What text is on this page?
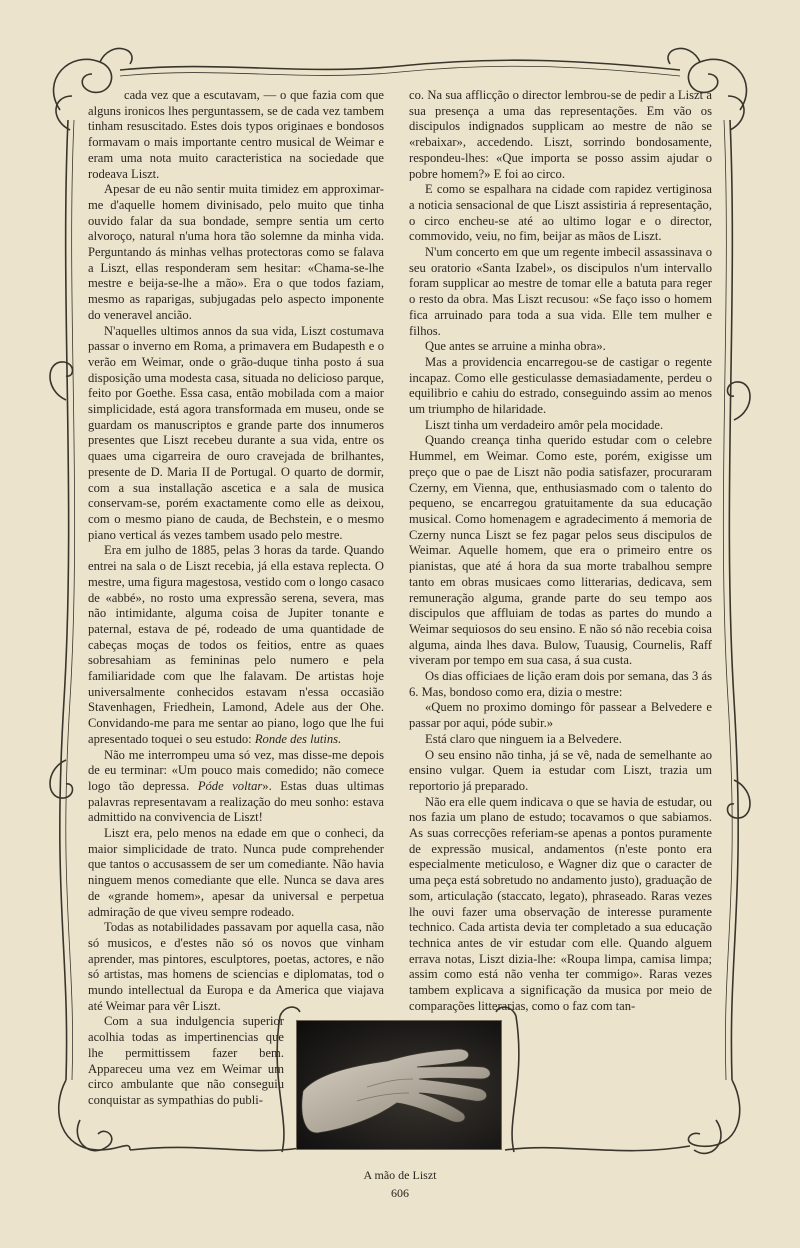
cada vez que a escutavam, — o que fazia com que alguns ironicos lhes perguntassem, se de cada vez tambem tinham resuscitado. Estes dois typos originaes e bondosos formavam o mais importante centro musical de Weimar e eram uma nota muito caracteristica na sociedade que rodeava Liszt.

Apesar de eu não sentir muita timidez em approximar-me d'aquelle homem divinisado, pelo muito que tinha ouvido falar da sua bondade, sempre sentia um certo alvoroço, natural n'uma hora tão solemne da minha vida. Perguntando ás minhas velhas protectoras como se falava a Liszt, ellas responderam sem hesitar: «Chama-se-lhe mestre e beija-se-lhe a mão». Era o que todos faziam, mesmo as raparigas, subjugadas pelo aspecto imponente do veneravel ancião.

N'aquelles ultimos annos da sua vida, Liszt costumava passar o inverno em Roma, a primavera em Budapesth e o verão em Weimar, onde o grão-duque tinha posto á sua disposição uma modesta casa, situada no delicioso parque, feito por Goethe. Essa casa, então mobilada com a maior simplicidade, está agora transformada em museu, onde se guardam os manuscriptos e grande parte dos innumeros presentes que Liszt recebeu durante a sua vida, entre os quaes uma cigarreira de ouro cravejada de brilhantes, presente de D. Maria II de Portugal. O quarto de dormir, com a sua installação ascetica e a sala de musica conservam-se, porém exactamente como elle as deixou, com o mesmo piano de cauda, de Bechstein, e o mesmo piano vertical ás vezes tambem usado pelo mestre.

Era em julho de 1885, pelas 3 horas da tarde. Quando entrei na sala o de Liszt recebia, já ella estava replecta. O mestre, uma figura magestosa, vestido com o longo casaco de «abbé», no rosto uma expressão serena, severa, mas não intimidante, alguma coisa de Jupiter tonante e paternal, estava de pé, rodeado de uma quantidade de cabeças moças de todos os feitios, entre as quaes sobresahiam as femininas pelo numero e pela familiaridade com que lhe falavam. De artistas hoje universalmente conhecidos estavam n'essa occasião Stavenhagen, Friedhein, Lamond, Adele aus der Ohe. Convidando-me para me sentar ao piano, logo que lhe fui apresentado toquei o seu estudo: Ronde des lutins.

Não me interrompeu uma só vez, mas disse-me depois de eu terminar: «Um pouco mais comedido; não comece logo tão depressa. Póde voltar». Estas duas ultimas palavras representavam a realização do meu sonho: estava admittido na convivencia de Liszt!

Liszt era, pelo menos na edade em que o conheci, da maior simplicidade de trato. Nunca pude comprehender que tantos o accusassem de ser um comediante. Não havia ninguem menos comediante que elle. Nunca se dava ares de «grande homem», apesar da universal e perpetua admiração de que viveu sempre rodeado.

Todas as notabilidades passavam por aquella casa, não só musicos, e d'estes não só os novos que vinham aprender, mas pintores, esculptores, poetas, actores, e não só artistas, mas homens de sciencias e diplomatas, tod o mundo intellectual da Europa e da America que viajava até Weimar para vêr Liszt.

Com a sua indulgencia superior acolhia todas as impertinencias que lhe permittissem fazer bem. Appareceu uma vez em Weimar um circo ambulante que não conseguiu conquistar as sympathias do publi-

co. Na sua afflicção o director lembrou-se de pedir a Liszt a sua presença a uma das representações. Em vão os discipulos indignados supplicam ao mestre de não se «rebaixar», accedendo. Liszt, sorrindo bondosamente, respondeu-lhes: «Que importa se posso assim ajudar o pobre homem?» E foi ao circo.

E como se espalhara na cidade com rapidez vertiginosa a noticia sensacional de que Liszt assistiria á representação, o circo encheu-se até ao ultimo logar e o director, commovido, veiu, no fim, beijar as mãos de Liszt.

N'um concerto em que um regente imbecil assassinava o seu oratorio «Santa Izabel», os discipulos n'um intervallo foram supplicar ao mestre de tomar elle a batuta para reger o resto da obra. Mas Liszt recusou: «Se faço isso o homem fica arruinado para toda a sua vida. Elle tem mulher e filhos.

Que antes se arruine a minha obra».

Mas a providencia encarregou-se de castigar o regente incapaz. Como elle gesticulasse demasiadamente, perdeu o equilibrio e cahiu do estrado, conseguindo assim ao menos um triumpho de hilaridade.

Liszt tinha um verdadeiro amôr pela mocidade.

Quando creança tinha querido estudar com o celebre Hummel, em Weimar. Como este, porém, exigisse um preço que o pae de Liszt não podia satisfazer, procuraram Czerny, em Vienna, que, enthusiasmado com o talento do pequeno, se encarregou gratuitamente da sua educação musical. Como homenagem e agradecimento á memoria de Czerny nunca Liszt se fez pagar pelos seus discipulos de Weimar. Aquelle homem, que era o primeiro entre os pianistas, que até á hora da sua morte trabalhou sempre tanto em obras musicaes como litterarias, dedicava, sem remuneração alguma, grande parte do seu tempo aos discipulos que affluiam de todas as partes do mundo a Weimar sequiosos do seu ensino. E não só não recebia coisa alguma, ainda lhes dava. Bulow, Tuausig, Cournelis, Raff viveram por tempo em sua casa, á sua custa.

Os dias officiaes de lição eram dois por semana, das 3 ás 6. Mas, bondoso como era, dizia o mestre:

«Quem no proximo domingo fôr passear a Belvedere e passar por aqui, póde subir.»

Está claro que ninguem ia a Belvedere.

O seu ensino não tinha, já se vê, nada de semelhante ao ensino vulgar. Quem ia estudar com Liszt, trazia um reportorio já preparado.

Não era elle quem indicava o que se havia de estudar, ou nos fazia um plano de estudo; tocavamos o que sabiamos. As suas correcções referiam-se apenas a pontos puramente de expressão musical, andamentos (n'este ponto era especialmente meticuloso, e Wagner diz que o caracter de uma peça está sobretudo no andamento justo), graduação de som, articulação (staccato, legato), phraseado. Raras vezes lhe ouvi fazer uma observação de interesse puramente technico. Cada artista devia ter completado a sua educação technica antes de vir estudar com elle. Quando alguem errava notas, Liszt dizia-lhe: «Roupa limpa, camisa limpa; assim como está não venha ter commigo». Raras vezes tambem explicava a significação da musica por meio de comparações litterarias, como o faz com tan-

A mão de Liszt
606
